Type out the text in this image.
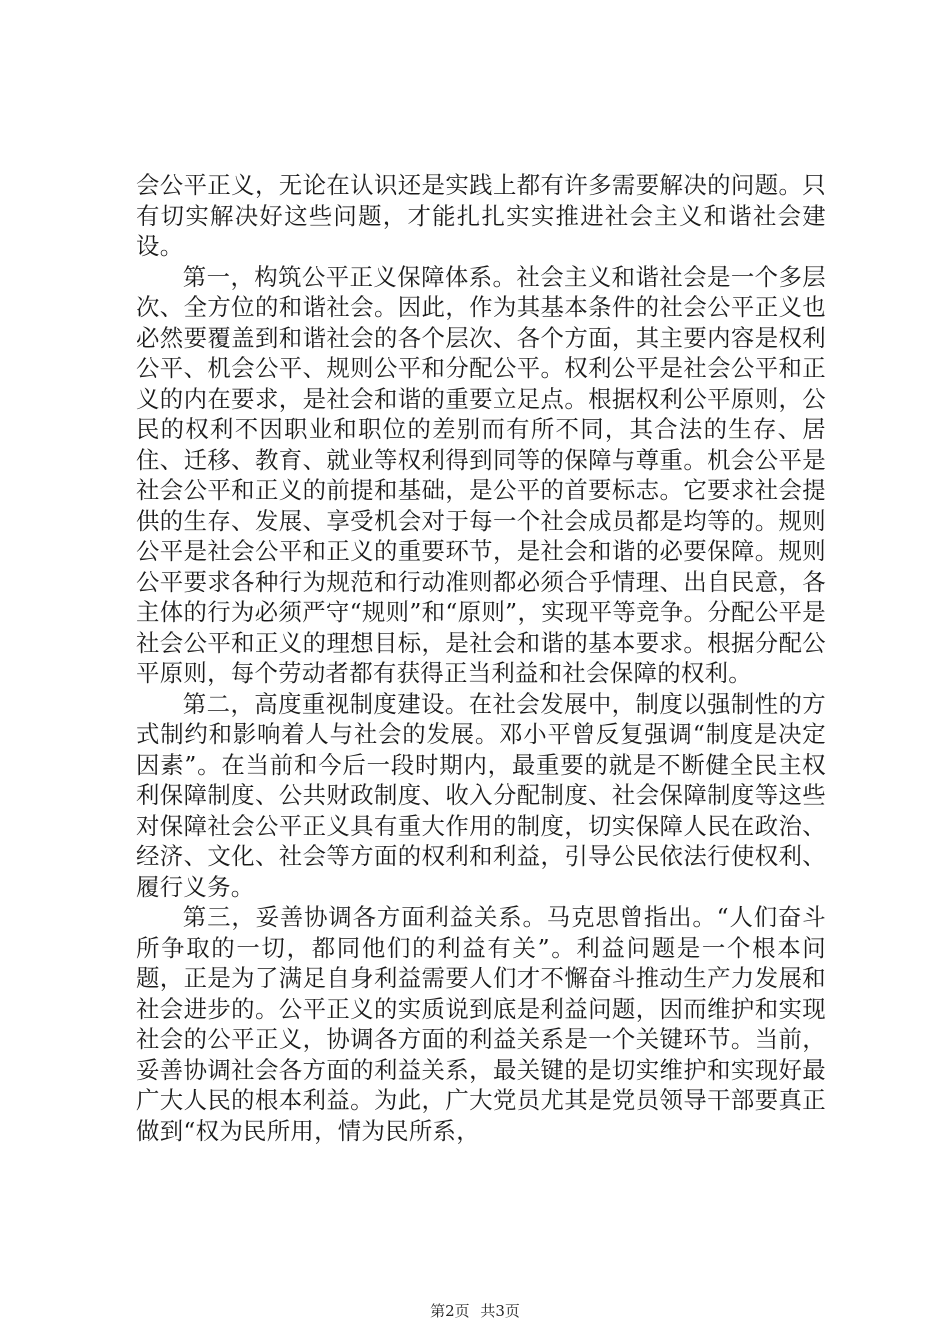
会公平正义，无论在认识还是实践上都有许多需要解决的问题。只有切实解决好这些问题，才能扎扎实实推进社会主义和谐社会建设。

第一，构筑公平正义保障体系。社会主义和谐社会是一个多层次、全方位的和谐社会。因此，作为其基本条件的社会公平正义也必然要覆盖到和谐社会的各个层次、各个方面，其主要内容是权利公平、机会公平、规则公平和分配公平。权利公平是社会公平和正义的内在要求，是社会和谐的重要立足点。根据权利公平原则，公民的权利不因职业和职位的差别而有所不同，其合法的生存、居住、迁移、教育、就业等权利得到同等的保障与尊重。机会公平是社会公平和正义的前提和基础，是公平的首要标志。它要求社会提供的生存、发展、享受机会对于每一个社会成员都是均等的。规则公平是社会公平和正义的重要环节，是社会和谐的必要保障。规则公平要求各种行为规范和行动准则都必须合乎情理、出自民意，各主体的行为必须严守“规则”和“原则”，实现平等竞争。分配公平是社会公平和正义的理想目标，是社会和谐的基本要求。根据分配公平原则，每个劳动者都有获得正当利益和社会保障的权利。

第二，高度重视制度建设。在社会发展中，制度以强制性的方式制约和影响着人与社会的发展。邓小平曾反复强调“制度是决定因素”。在当前和今后一段时期内，最重要的就是不断健全民主权利保障制度、公共财政制度、收入分配制度、社会保障制度等这些对保障社会公平正义具有重大作用的制度，切实保障人民在政治、经济、文化、社会等方面的权利和利益，引导公民依法行使权利、履行义务。

第三，妥善协调各方面利益关系。马克思曾指出。“人们奋斗所争取的一切，都同他们的利益有关”。利益问题是一个根本问题，正是为了满足自身利益需要人们才不懈奋斗推动生产力发展和社会进步的。公平正义的实质说到底是利益问题，因而维护和实现社会的公平正义，协调各方面的利益关系是一个关键环节。当前，妥善协调社会各方面的利益关系，最关键的是切实维护和实现好最广大人民的根本利益。为此，广大党员尤其是党员领导干部要真正做到“权为民所用，情为民所系，

第2页 共3页
